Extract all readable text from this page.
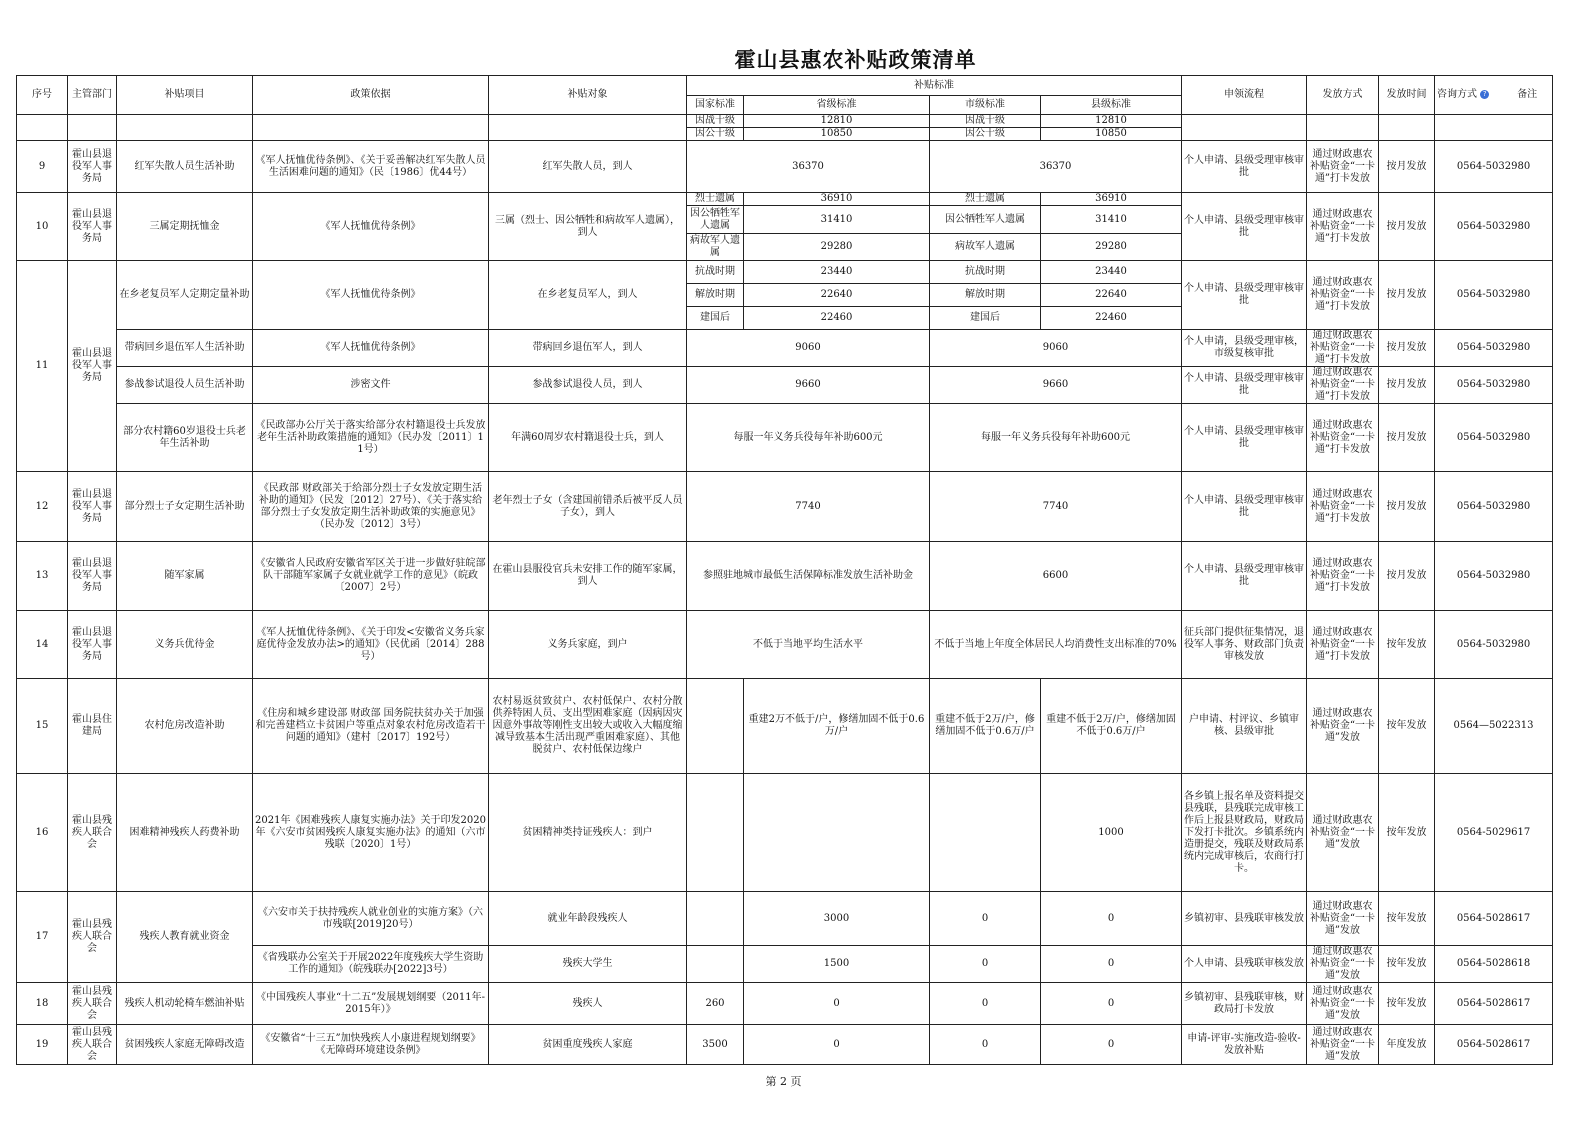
霍山县惠农补贴政策清单
序号	主管部门	补贴项目	政策依据	补贴对象	补贴标准				申领流程	发放方式	发放时间	咨询方式 ? 备注
					国家标准	省级标准	市级标准	县级标准				
					因战十级	12810	因战十级	12810				
					因公十级	10850	因公十级	10850				
9	霍山县退役军人事务局	红军失散人员生活补助	《军人抚恤优待条例》、《关于妥善解决红军失散人员生活困难问题的通知》（民〔1986〕优44号）	红军失散人员，到人	36370		36370		个人申请、县级受理审核审批	通过财政惠农补贴资金“一卡通”打卡发放	按月发放	0564-5032980
10	霍山县退役军人事务局	三属定期抚恤金	《军人抚恤优待条例》	三属（烈士、因公牺牲和病故军人遗属），到人	烈士遗属	36910	烈士遗属	36910	个人申请、县级受理审核审批	通过财政惠农补贴资金“一卡通”打卡发放	按月发放	0564-5032980
					因公牺牲军人遗属	31410	因公牺牲军人遗属	31410				
					病故军人遗属	29280	病故军人遗属	29280				
11	霍山县退役军人事务局	在乡老复员军人定期定量补助	《军人抚恤优待条例》	在乡老复员军人，到人	抗战时期	23440	抗战时期	23440	个人申请、县级受理审核审批	通过财政惠农补贴资金“一卡通”打卡发放	按月发放	0564-5032980
					解放时期	22640	解放时期	22640				
					建国后	22460	建国后	22460				
		带病回乡退伍军人生活补助	《军人抚恤优待条例》	带病回乡退伍军人，到人	9060		9060		个人申请，县级受理审核，市级复核审批	通过财政惠农补贴资金“一卡通”打卡发放	按月发放	0564-5032980
		参战参试退役人员生活补助	涉密文件	参战参试退役人员，到人	9660		9660		个人申请、县级受理审核审批	通过财政惠农补贴资金“一卡通”打卡发放	按月发放	0564-5032980
		部分农村籍60岁退役士兵老年生活补助	《民政部办公厅关于落实给部分农村籍退役士兵发放老年生活补助政策措施的通知》（民办发〔2011〕11号）	年满60周岁农村籍退役士兵，到人	每服一年义务兵役每年补助600元		每服一年义务兵役每年补助600元		个人申请、县级受理审核审批	通过财政惠农补贴资金“一卡通”打卡发放	按月发放	0564-5032980
12	霍山县退役军人事务局	部分烈士子女定期生活补助	《民政部 财政部关于给部分烈士子女发放定期生活补助的通知》（民发〔2012〕27号）、《关于落实给部分烈士子女发放定期生活补助政策的实施意见》（民办发〔2012〕3号）	老年烈士子女（含建国前错杀后被平反人员子女），到人	7740		7740		个人申请、县级受理审核审批	通过财政惠农补贴资金“一卡通”打卡发放	按月发放	0564-5032980
13	霍山县退役军人事务局	随军家属	《安徽省人民政府安徽省军区关于进一步做好驻皖部队干部随军家属子女就业就学工作的意见》（皖政〔2007〕2号）	在霍山县服役官兵未安排工作的随军家属，到人	参照驻地城市最低生活保障标准发放生活补助金		6600		个人申请、县级受理审核审批	通过财政惠农补贴资金“一卡通”打卡发放	按月发放	0564-5032980
14	霍山县退役军人事务局	义务兵优待金	《军人抚恤优待条例》、《关于印发<安徽省义务兵家庭优待金发放办法>的通知》（民优函〔2014〕288号）	义务兵家庭，到户	不低于当地平均生活水平		不低于当地上年度全体居民人均消费性支出标准的70%		征兵部门提供征集情况，退役军人事务、财政部门负责审核发放	通过财政惠农补贴资金“一卡通”打卡发放	按年发放	0564-5032980
15	霍山县住建局	农村危房改造补助	《住房和城乡建设部 财政部 国务院扶贫办关于加强和完善建档立卡贫困户等重点对象农村危房改造若干问题的通知》（建村〔2017〕192号）	农村易返贫致贫户、农村低保户、农村分散供养特困人员、支出型困难家庭（因病因灾因意外事故等刚性支出较大或收入大幅度缩减导致基本生活出现严重困难家庭）、其他脱贫户、农村低保边缘户		重建2万不低于/户，修缮加固不低于0.6万/户	重建不低于2万/户，修缮加固不低于0.6万/户	重建不低于2万/户，修缮加固不低于0.6万/户	户申请、村评议、乡镇审核、县级审批	通过财政惠农补贴资金“一卡通”发放	按年发放	0564—5022313
16	霍山县残疾人联合会	困难精神残疾人药费补助	2021年《困难残疾人康复实施办法》关于印发2020年《六安市贫困残疾人康复实施办法》的通知（六市残联〔2020〕1号）	贫困精神类持证残疾人：到户				1000	各乡镇上报名单及资料提交县残联，县残联完成审核工作后上报县财政局，财政局下发打卡批次。乡镇系统内造册提交，残联及财政局系统内完成审核后，农商行打卡。	通过财政惠农补贴资金“一卡通”发放	按年发放	0564-5029617
17	霍山县残疾人联合会	残疾人教育就业资金	《六安市关于扶持残疾人就业创业的实施方案》（六市残联[2019]20号）	就业年龄段残疾人		3000	0	0	乡镇初审、县残联审核发放	通过财政惠农补贴资金“一卡通”发放	按年发放	0564-5028617
			《省残联办公室关于开展2022年度残疾大学生资助工作的通知》（皖残联办[2022]3号）	残疾大学生		1500	0	0	个人申请、县残联审核发放	通过财政惠农补贴资金“一卡通”发放	按年发放	0564-5028618
18	霍山县残疾人联合会	残疾人机动轮椅车燃油补贴	《中国残疾人事业“十二五”发展规划纲要（2011年-2015年）》	残疾人	260	0	0	0	乡镇初审、县残联审核，财政局打卡发放	通过财政惠农补贴资金“一卡通”发放	按年发放	0564-5028617
19	霍山县残疾人联合会	贫困残疾人家庭无障碍改造	《安徽省“十三五”加快残疾人小康进程规划纲要》《无障碍环境建设条例》	贫困重度残疾人家庭	3500	0	0	0	申请-评审-实施改造-验收-发放补贴	通过财政惠农补贴资金“一卡通”发放	年度发放	0564-5028617
第 2 页
